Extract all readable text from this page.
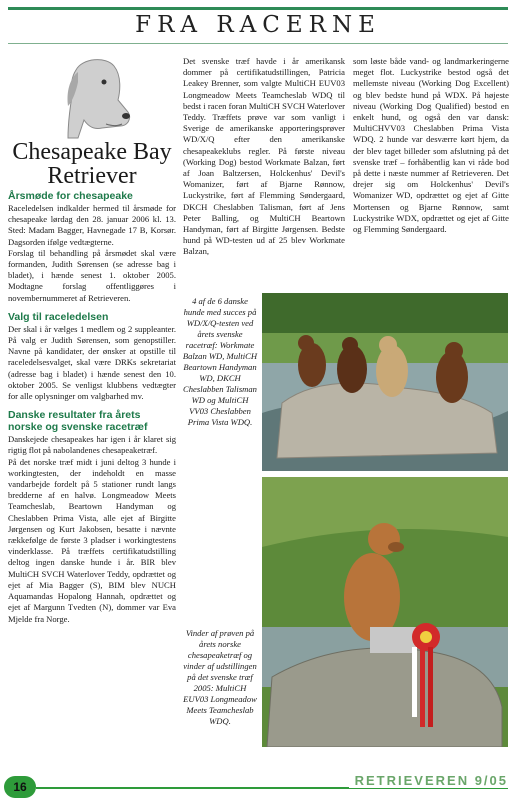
FRA RACERNE
Chesapeake Bay Retriever
Årsmøde for chesapeake

Raceledelsen indkalder hermed til årsmøde for chesapeake lørdag den 28. januar 2006 kl. 13. Sted: Madam Bagger, Havnegade 17 B, Korsør. Dagsorden ifølge vedtægterne.

Forslag til behandling på årsmødet skal være formanden, Judith Sørensen (se adresse bag i bladet), i hænde senest 1. oktober 2005. Modtagne forslag offentliggøres i novembernummeret af Retrieveren.

Valg til raceledelsen

Der skal i år vælges 1 medlem og 2 suppleanter. På valg er Judith Sørensen, som genopstiller. Navne på kandidater, der ønsker at opstille til raceledelsesvalget, skal være DRKs sekretariat (adresse bag i bladet) i hænde senest den 10. oktober 2005. Se venligst klubbens vedtægter for alle oplysninger om valgbarhed mv.

Danske resultater fra årets norske og svenske racetræf

Danskejede chesapeakes har igen i år klaret sig rigtig flot på nabolandenes chesapeaketræf.

På det norske træf midt i juni deltog 3 hunde i workingtesten, der indeholdt en masse vandarbejde fordelt på 5 stationer rundt langs bredderne af en halvø. Longmeadow Meets Teamcheslab, Beartown Handyman og Cheslabben Prima Vista, alle ejet af Birgitte Jørgensen og Kurt Jakobsen, besatte i nævnte rækkefølge de første 3 pladser i workingtestens vinderklasse. På træffets certifikatudstilling deltog ingen danske hunde i år. BIR blev MultiCH SVCH Waterlover Teddy, opdrættet og ejet af Mia Bagger (S), BIM blev NUCH Aquamandas Hopalong Hannah, opdrættet og ejet af Margunn Tvedten (N), dommer var Eva Mjelde fra Norge.

Det svenske træf havde i år amerikansk dommer på certifikatudstillingen, Patricia Leakey Brenner, som valgte MultiCH EUV03 Longmeadow Meets Teamcheslab WDQ til bedst i racen foran MultiCH SVCH Waterlover Teddy. Træffets prøve var som vanligt i Sverige de amerikanske apporteringsprøver WD/X/Q efter den amerikanske chesapeakeklubs regler. På første niveau (Working Dog) bestod Workmate Balzan, ført af Joan Baltzersen, Holckenhus' Devil's Womanizer, ført af Bjarne Rønnow, Luckystrike, ført af Flemming Søndergaard, DKCH Cheslabben Talisman, ført af Jens Peter Balling, og MultiCH Beartown Handyman, ført af Birgitte Jørgensen. Bedste hund på WD-testen ud af 25 blev Workmate Balzan,

som løste både vand- og landmarkeringerne meget flot. Luckystrike bestod også det mellemste niveau (Working Dog Excellent) og blev bedste hund på WDX. På højeste niveau (Working Dog Qualified) bestod en enkelt hund, og også den var dansk: MultiCHVV03 Cheslabben Prima Vista WDQ. 2 hunde var desværre kørt hjem, da der blev taget billeder som afslutning på det svenske træf – forhåbentlig kan vi råde bod på dette i næste nummer af Retrieveren. Det drejer sig om Holckenhus' Devil's Womanizer WD, opdrættet og ejet af Gitte Mortensen og Bjarne Rønnow, samt Luckystrike WDX, opdrættet og ejet af Gitte og Flemming Søndergaard.

4 af de 6 danske hunde med succes på WD/X/Q-testen ved årets svenske racetræf: Workmate Balzan WD, MultiCH Beartown Handyman WD, DKCH Cheslabben Talisman WD og MultiCH VV03 Cheslabben Prima Vista WDQ.
Vinder af prøven på årets norske chesapeaketræf og vinder af udstillingen på det svenske træf 2005: MultiCH EUV03 Longmeadow Meets Teamcheslab WDQ.
16	RETRIEVEREN 9/05
